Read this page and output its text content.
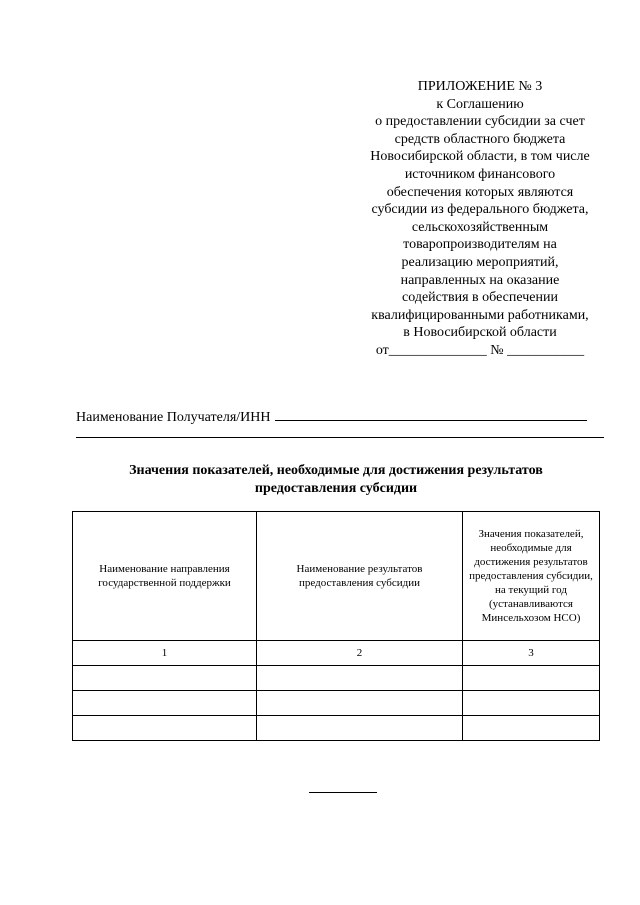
ПРИЛОЖЕНИЕ № 3
к Соглашению
о предоставлении субсидии за счет
средств областного бюджета
Новосибирской области, в том числе
источником финансового
обеспечения которых являются
субсидии из федерального бюджета,
сельскохозяйственным
товаропроизводителям на
реализацию мероприятий,
направленных на оказание
содействия в обеспечении
квалифицированными работниками,
в Новосибирской области
от______________ № ___________
Наименование Получателя/ИНН
Значения показателей, необходимые для достижения результатов
предоставления субсидии
Наименование направления государственной поддержки	Наименование результатов предоставления субсидии	Значения показателей, необходимые для достижения результатов предоставления субсидии, на текущий год (устанавливаются Минсельхозом НСО)
1	2	3
